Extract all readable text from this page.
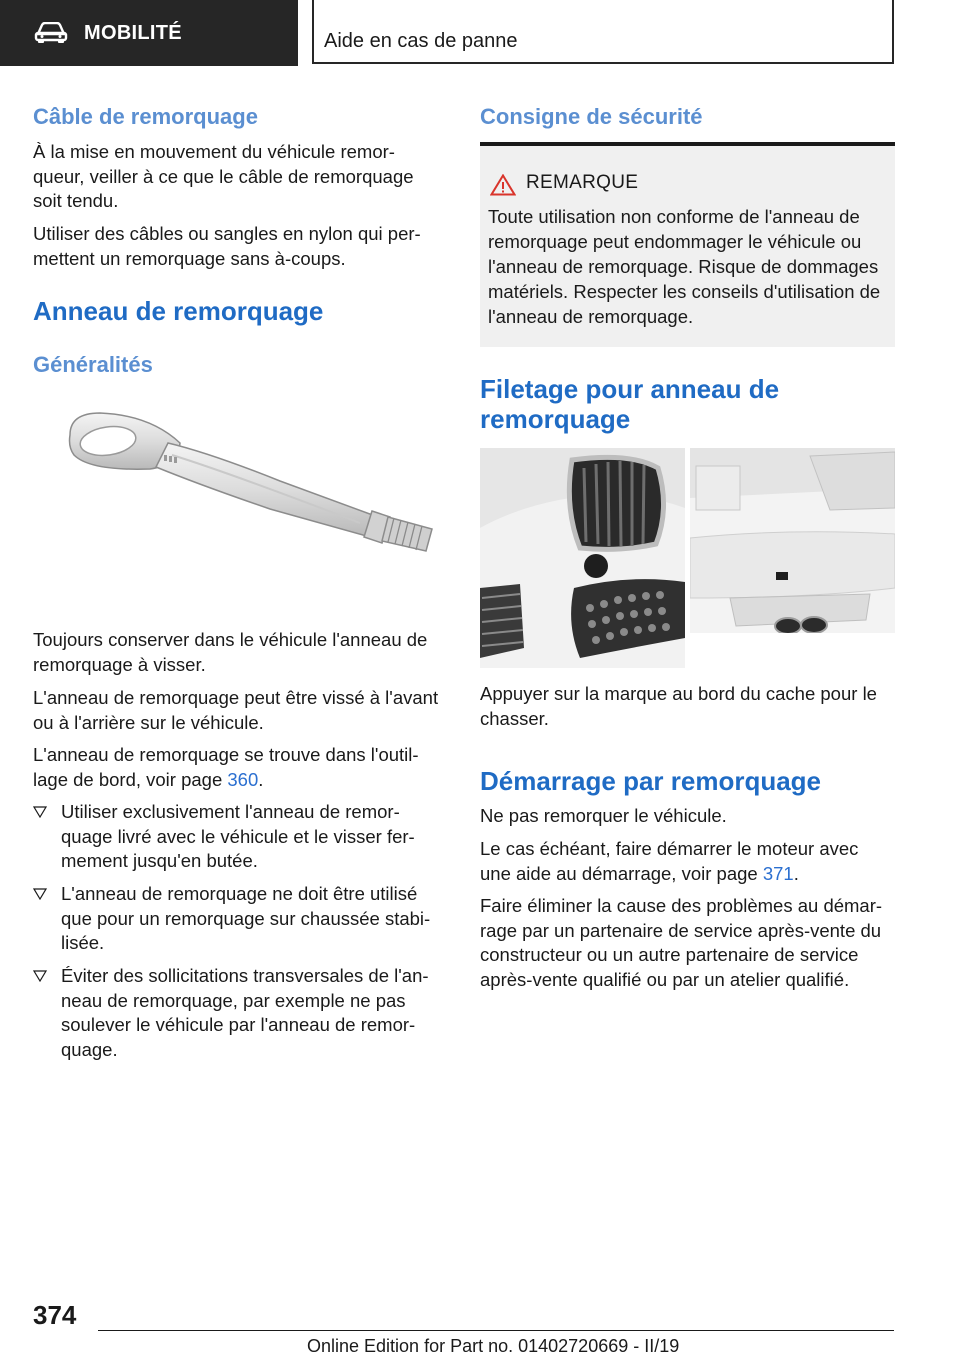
MOBILITÉ	Aide en cas de panne
Câble de remorquage
À la mise en mouvement du véhicule remor-queur, veiller à ce que le câble de remorquage soit tendu.
Utiliser des câbles ou sangles en nylon qui per-mettent un remorquage sans à-coups.
Anneau de remorquage
Généralités
Toujours conserver dans le véhicule l'anneau de remorquage à visser.
L'anneau de remorquage peut être vissé à l'avant ou à l'arrière sur le véhicule.
L'anneau de remorquage se trouve dans l'outil-lage de bord, voir page 360.
Utiliser exclusivement l'anneau de remor-quage livré avec le véhicule et le visser fer-mement jusqu'en butée.
L'anneau de remorquage ne doit être utilisé que pour un remorquage sur chaussée stabi-lisée.
Éviter des sollicitations transversales de l'an-neau de remorquage, par exemple ne pas soulever le véhicule par l'anneau de remor-quage.
Consigne de sécurité
REMARQUE
Toute utilisation non conforme de l'anneau de remorquage peut endommager le véhicule ou l'anneau de remorquage. Risque de dommages matériels. Respecter les conseils d'utilisation de l'anneau de remorquage.
Filetage pour anneau de remorquage
Appuyer sur la marque au bord du cache pour le chasser.
Démarrage par remorquage
Ne pas remorquer le véhicule.
Le cas échéant, faire démarrer le moteur avec une aide au démarrage, voir page 371.
Faire éliminer la cause des problèmes au démar-rage par un partenaire de service après-vente du constructeur ou un autre partenaire de service après-vente qualifié ou par un atelier qualifié.
374
Online Edition for Part no. 01402720669 - II/19
